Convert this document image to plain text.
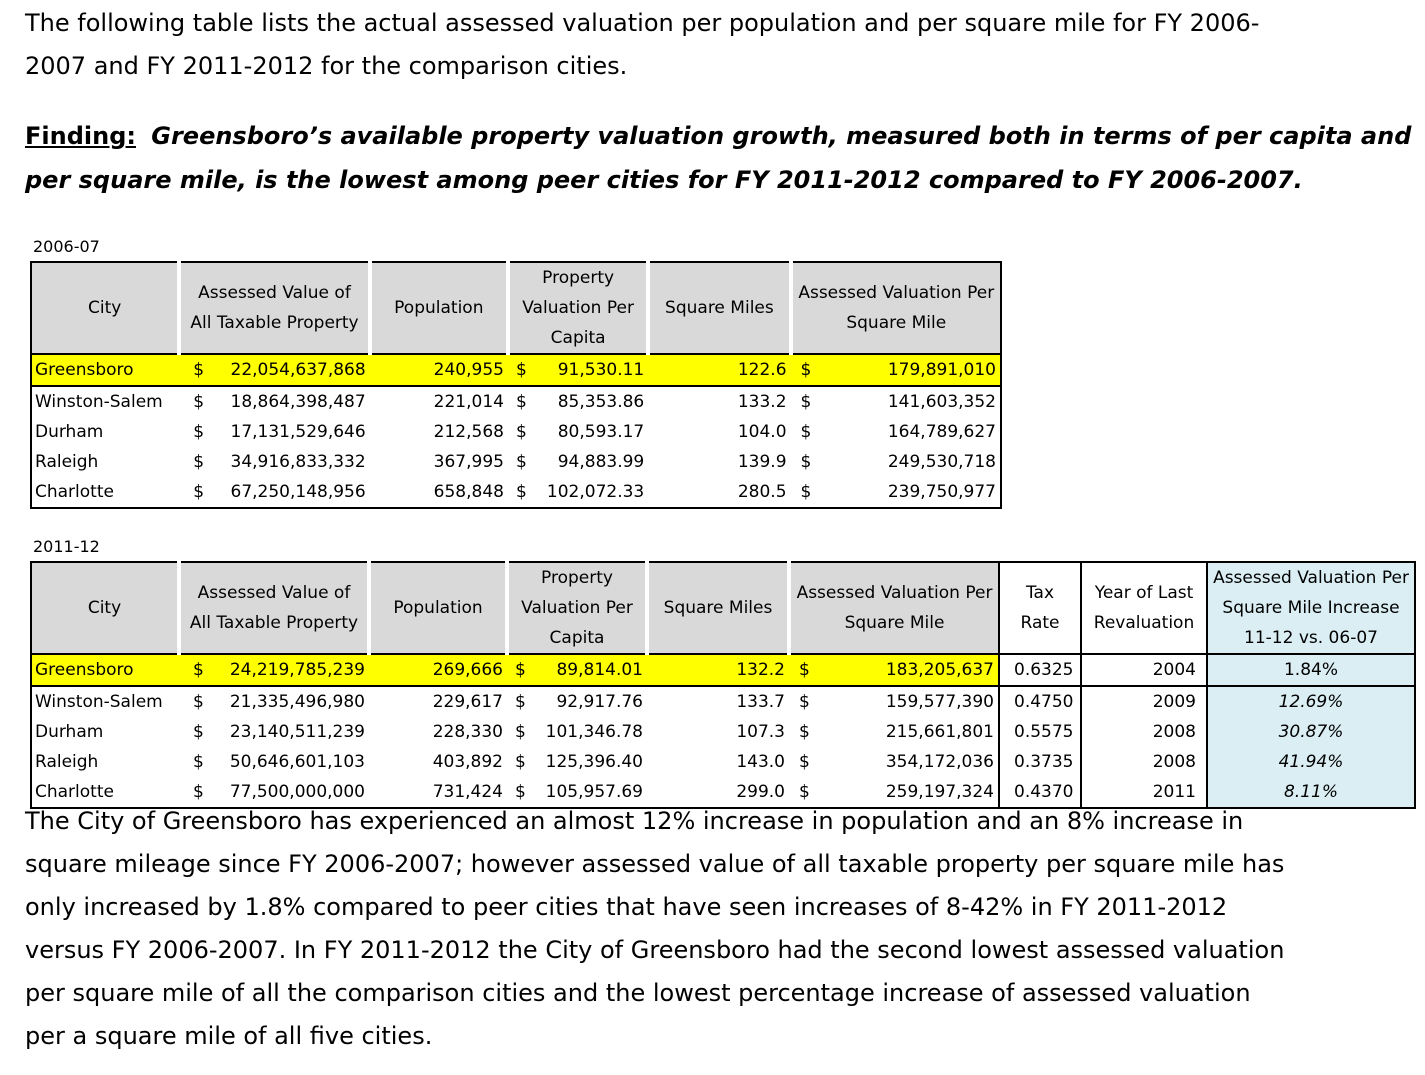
The following table lists the actual assessed valuation per population and per square mile for FY 2006-
2007 and FY 2011-2012 for the comparison cities.
Finding: Greensboro’s available property valuation growth, measured both in terms of per capita and
per square mile, is the lowest among peer cities for FY 2011-2012 compared to FY 2006-2007.
2006-07
City	Assessed Value of All Taxable Property	Population	Property Valuation Per Capita	Square Miles	Assessed Valuation Per Square Mile
Greensboro	$ 22,054,637,868	240,955	$ 91,530.11	122.6	$ 179,891,010
Winston-Salem	$ 18,864,398,487	221,014	$ 85,353.86	133.2	$ 141,603,352
Durham	$ 17,131,529,646	212,568	$ 80,593.17	104.0	$ 164,789,627
Raleigh	$ 34,916,833,332	367,995	$ 94,883.99	139.9	$ 249,530,718
Charlotte	$ 67,250,148,956	658,848	$ 102,072.33	280.5	$ 239,750,977
2011-12
City	Assessed Value of All Taxable Property	Population	Property Valuation Per Capita	Square Miles	Assessed Valuation Per Square Mile	Tax Rate	Year of Last Revaluation	Assessed Valuation Per Square Mile Increase 11-12 vs. 06-07
Greensboro	$ 24,219,785,239	269,666	$ 89,814.01	132.2	$ 183,205,637	0.6325	2004	1.84%
Winston-Salem	$ 21,335,496,980	229,617	$ 92,917.76	133.7	$ 159,577,390	0.4750	2009	12.69%
Durham	$ 23,140,511,239	228,330	$ 101,346.78	107.3	$ 215,661,801	0.5575	2008	30.87%
Raleigh	$ 50,646,601,103	403,892	$ 125,396.40	143.0	$ 354,172,036	0.3735	2008	41.94%
Charlotte	$ 77,500,000,000	731,424	$ 105,957.69	299.0	$ 259,197,324	0.4370	2011	8.11%
The City of Greensboro has experienced an almost 12% increase in population and an 8% increase in
square mileage since FY 2006-2007; however assessed value of all taxable property per square mile has
only increased by 1.8% compared to peer cities that have seen increases of 8-42% in FY 2011-2012
versus FY 2006-2007. In FY 2011-2012 the City of Greensboro had the second lowest assessed valuation
per square mile of all the comparison cities and the lowest percentage increase of assessed valuation
per a square mile of all five cities.
